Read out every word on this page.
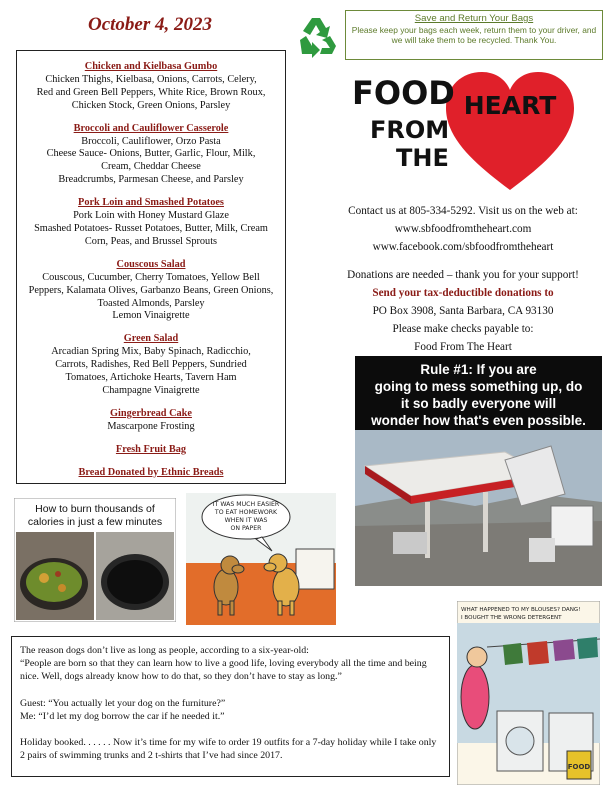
October 4, 2023	Save and Return Your Bags
Please keep your bags each week, return them to your driver, and we will take them to be recycled. Thank You.
Chicken and Kielbasa Gumbo
Chicken Thighs, Kielbasa, Onions, Carrots, Celery,
Red and Green Bell Peppers, White Rice, Brown Roux,
Chicken Stock, Green Onions, Parsley
Broccoli and Cauliflower Casserole
Broccoli, Cauliflower, Orzo Pasta
Cheese Sauce- Onions, Butter, Garlic, Flour, Milk,
Cream, Cheddar Cheese
Breadcrumbs, Parmesan Cheese, and Parsley
Pork Loin and Smashed Potatoes
Pork Loin with Honey Mustard Glaze
Smashed Potatoes- Russet Potatoes, Butter, Milk, Cream
Corn, Peas, and Brussel Sprouts
Couscous Salad
Couscous, Cucumber, Cherry Tomatoes, Yellow Bell
Peppers, Kalamata Olives, Garbanzo Beans, Green Onions,
Toasted Almonds, Parsley
Lemon Vinaigrette
Green Salad
Arcadian Spring Mix, Baby Spinach, Radicchio,
Carrots, Radishes, Red Bell Peppers, Sundried
Tomatoes, Artichoke Hearts, Tavern Ham
Champagne Vinaigrette
Gingerbread Cake
Mascarpone Frosting
Fresh Fruit Bag
Bread Donated by Ethnic Breads
FOOD
FROM
THE
HEART
Contact us at 805-334-5292. Visit us on the web at:
www.sbfoodfromtheheart.com
www.facebook.com/sbfoodfromtheheart
Donations are needed – thank you for your support!
Send your tax-deductible donations to
PO Box 3908, Santa Barbara, CA 93130
Please make checks payable to:
Food From The Heart
Rule #1: If you are
going to mess something up, do
it so badly everyone will
wonder how that's even possible.
How to burn thousands of
calories in just a few minutes
IT WAS MUCH EASIER
TO EAT HOMEWORK
WHEN IT WAS
ON PAPER
WHAT HAPPENED TO MY BLOUSES? DANG!
I BOUGHT THE WRONG DETERGENT
FOOD

The reason dogs don’t live as long as people, according to a six-year-old:
“People are born so that they can learn how to live a good life, loving everybody all the time and being nice. Well, dogs already know how to do that, so they don’t have to stay as long.”

Guest: “You actually let your dog on the furniture?”
Me: “I’d let my dog borrow the car if he needed it.”

Holiday booked. . . . . . Now it’s time for my wife to order 19 outfits for a 7-day holiday while I take only 2 pairs of swimming trunks and 2 t-shirts that I’ve had since 2017.
